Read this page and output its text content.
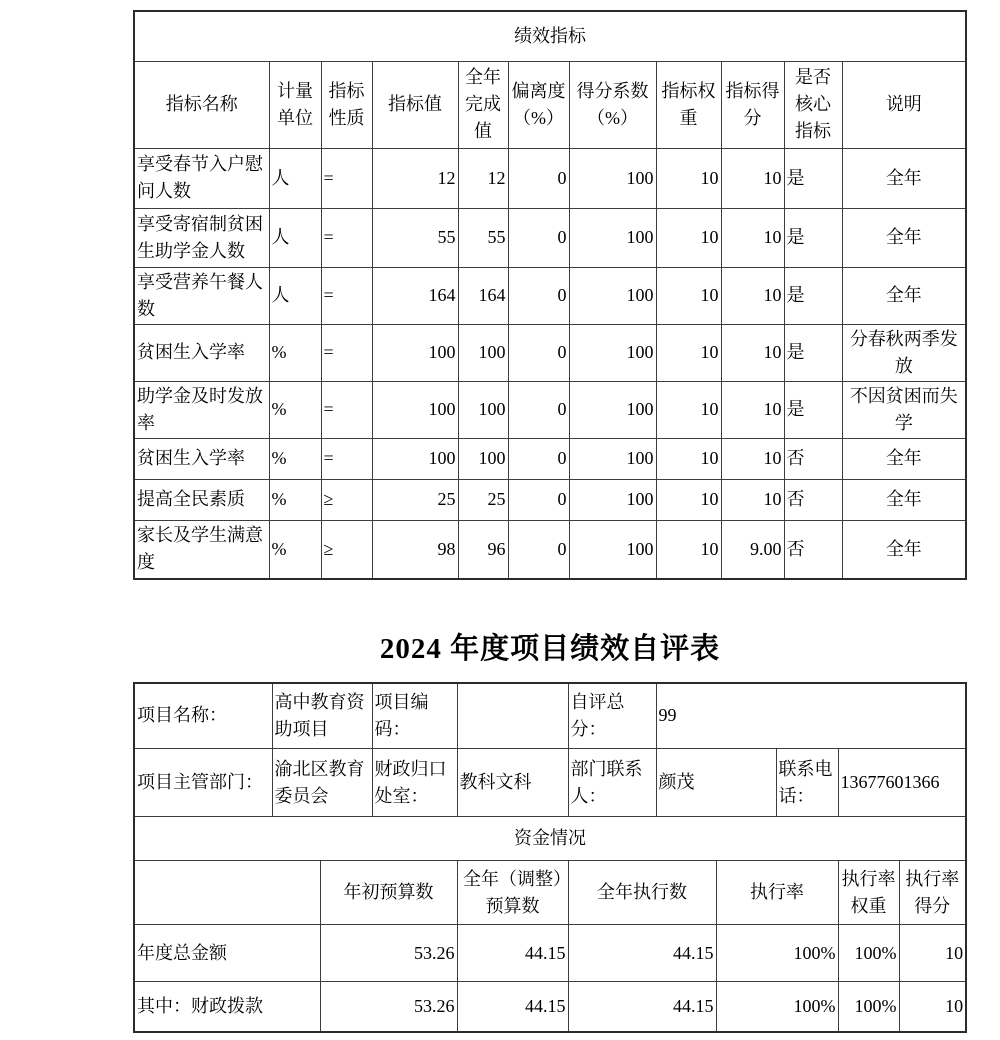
绩效指标										
指标名称	计量单位	指标性质	指标值	全年完成值	偏离度（%）	得分系数（%）	指标权重	指标得分	是否核心指标	说明
享受春节入户慰问人数	人	=	12	12	0	100	10	10	是	全年
享受寄宿制贫困生助学金人数	人	=	55	55	0	100	10	10	是	全年
享受营养午餐人数	人	=	164	164	0	100	10	10	是	全年
贫困生入学率	%	=	100	100	0	100	10	10	是	分春秋两季发放
助学金及时发放率	%	=	100	100	0	100	10	10	是	不因贫困而失学
贫困生入学率	%	=	100	100	0	100	10	10	否	全年
提高全民素质	%	≥	25	25	0	100	10	10	否	全年
家长及学生满意度	%	≥	98	96	0	100	10	9.00	否	全年
2024 年度项目绩效自评表
项目名称：	高中教育资助项目		项目编码：		自评总分：	99				
项目主管部门：	渝北区教育委员会		财政归口处室：	教科文科	部门联系人：	颜茂		联系电话：	13677601366	
资金情况										
		年初预算数		全年（调整）预算数	全年执行数		执行率		执行率权重	执行率得分
年度总金额		53.26		44.15	44.15		100%		100%	10
其中：财政拨款		53.26		44.15	44.15		100%		100%	10
